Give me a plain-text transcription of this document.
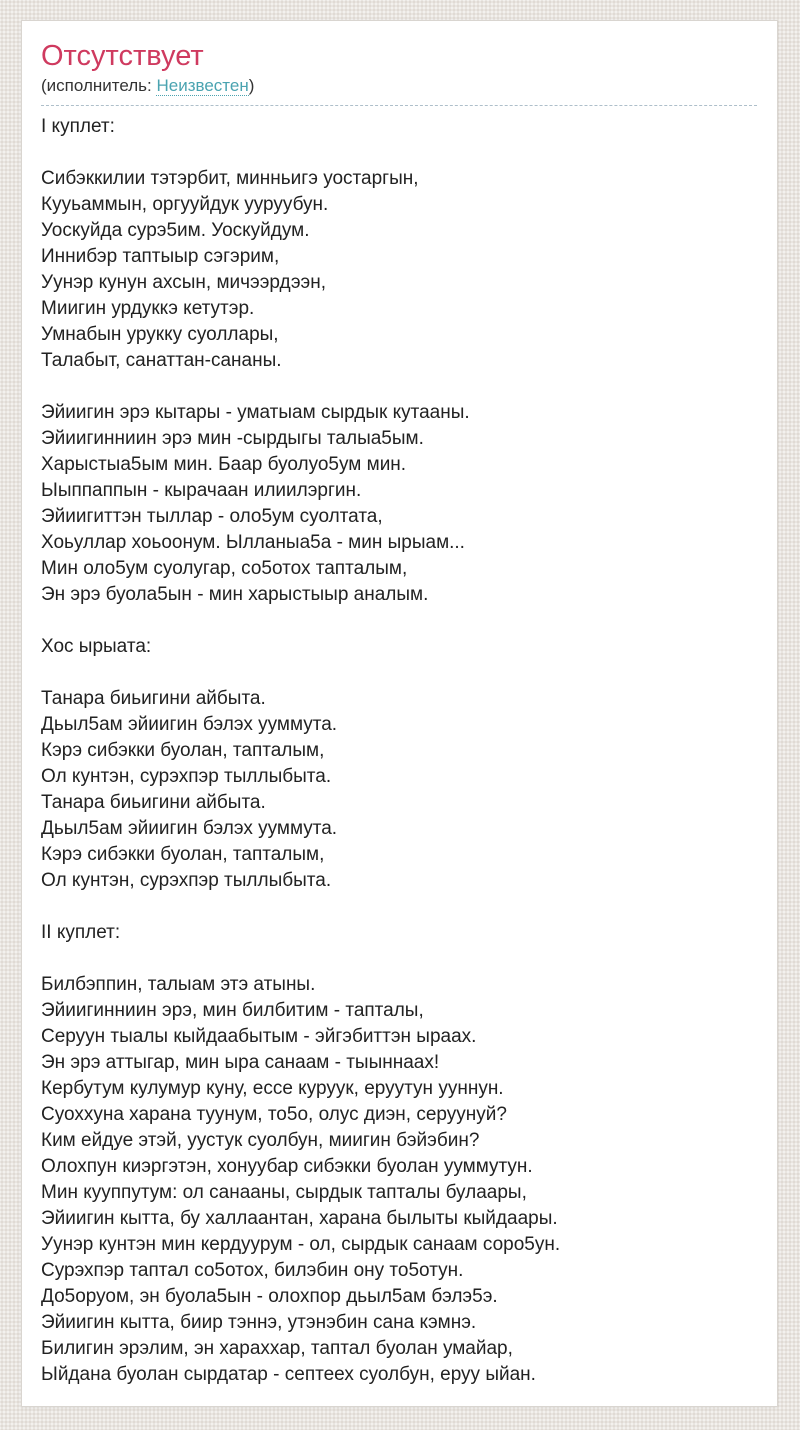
Отсутствует
(исполнитель: Неизвестен)
I куплет:

Сибэккилии тэтэрбит, минньигэ уостаргын,
Кууьаммын, оргууйдук ууруубун.
Уоскуйда сурэ5им. Уоскуйдум.
Иннибэр таптыыр сэгэрим,
Уунэр кунун ахсын, мичээрдээн,
Миигин урдуккэ кетутэр.
Умнабын урукку суоллары,
Талабыт, санаттан-сананы.

Эйиигин эрэ кытары - уматыам сырдык кутааны.
Эйиигинниин эрэ мин -сырдыгы талыа5ым.
Харыстыа5ым мин. Баар буолуо5ум мин.
Ыыппаппын - кырачаан илиилэргин.
Эйиигиттэн тыллар - оло5ум суолтата,
Хоьуллар хоьоонум. Ылланыа5а - мин ырыам...
Мин оло5ум суолугар, со5отох тапталым,
Эн эрэ буола5ын - мин харыстыыр аналым.

Хос ырыата:

Танара биьигини айбыта.
Дьыл5ам эйиигин бэлэх ууммута.
Кэрэ сибэкки буолан, тапталым,
Ол кунтэн, сурэхпэр тыллыбыта.
Танара биьигини айбыта.
Дьыл5ам эйиигин бэлэх ууммута.
Кэрэ сибэкки буолан, тапталым,
Ол кунтэн, сурэхпэр тыллыбыта.

II куплет:

Билбэппин, талыам этэ атыны.
Эйиигинниин эрэ, мин билбитим - тапталы,
Серуун тыалы кыйдаабытым - эйгэбиттэн ыраах.
Эн эрэ аттыгар, мин ыра санаам - тыыннаах!
Кербутум кулумур куну, ессе куруук, еруутун ууннун.
Суоххуна харана туунум, то5о, олус диэн, серуунуй?
Ким ейдуе этэй, уустук суолбун, миигин бэйэбин?
Олохпун киэргэтэн, хонуубар сибэкки буолан ууммутун.
Мин кууппутум: ол санааны, сырдык тапталы булаары,
Эйиигин кытта, бу халлаантан, харана былыты кыйдаары.
Уунэр кунтэн мин кердуурум - ол, сырдык санаам соро5ун.
Сурэхпэр таптал со5отох, билэбин ону то5отун.
До5оруом, эн буола5ын - олохпор дьыл5ам бэлэ5э.
Эйиигин кытта, биир тэннэ, утэнэбин сана кэмнэ.
Билигин эрэлим, эн хараххар, таптал буолан умайар,
Ыйдана буолан сырдатар - септеех суолбун, еруу ыйан.
